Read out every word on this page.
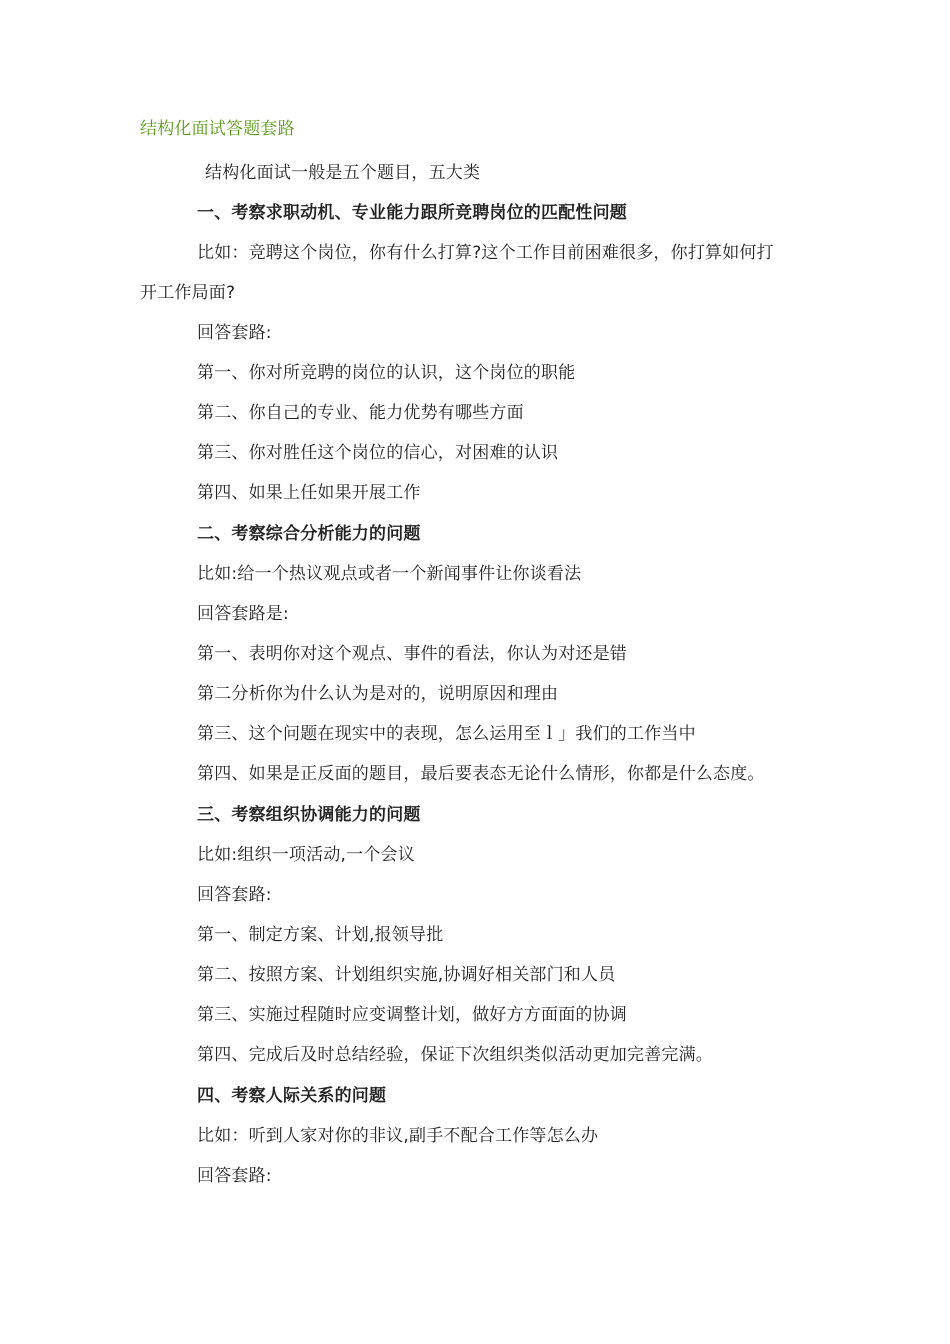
结构化面试答题套路
结构化面试一般是五个题目，五大类
一、考察求职动机、专业能力跟所竞聘岗位的匹配性问题
比如：竞聘这个岗位，你有什么打算?这个工作目前困难很多，你打算如何打
开工作局面?
回答套路:
第一、你对所竞聘的岗位的认识，这个岗位的职能
第二、你自己的专业、能力优势有哪些方面
第三、你对胜任这个岗位的信心，对困难的认识
第四、如果上任如果开展工作
二、考察综合分析能力的问题
比如:给一个热议观点或者一个新闻事件让你谈看法
回答套路是:
第一、表明你对这个观点、事件的看法，你认为对还是错
第二分析你为什么认为是对的，说明原因和理由
第三、这个问题在现实中的表现，怎么运用至ｌ」我们的工作当中
第四、如果是正反面的题目，最后要表态无论什么情形，你都是什么态度。
三、考察组织协调能力的问题
比如:组织一项活动,一个会议
回答套路:
第一、制定方案、计划,报领导批
第二、按照方案、计划组织实施,协调好相关部门和人员
第三、实施过程随时应变调整计划，做好方方面面的协调
第四、完成后及时总结经验，保证下次组织类似活动更加完善完满。
四、考察人际关系的问题
比如：听到人家对你的非议,副手不配合工作等怎么办
回答套路:
